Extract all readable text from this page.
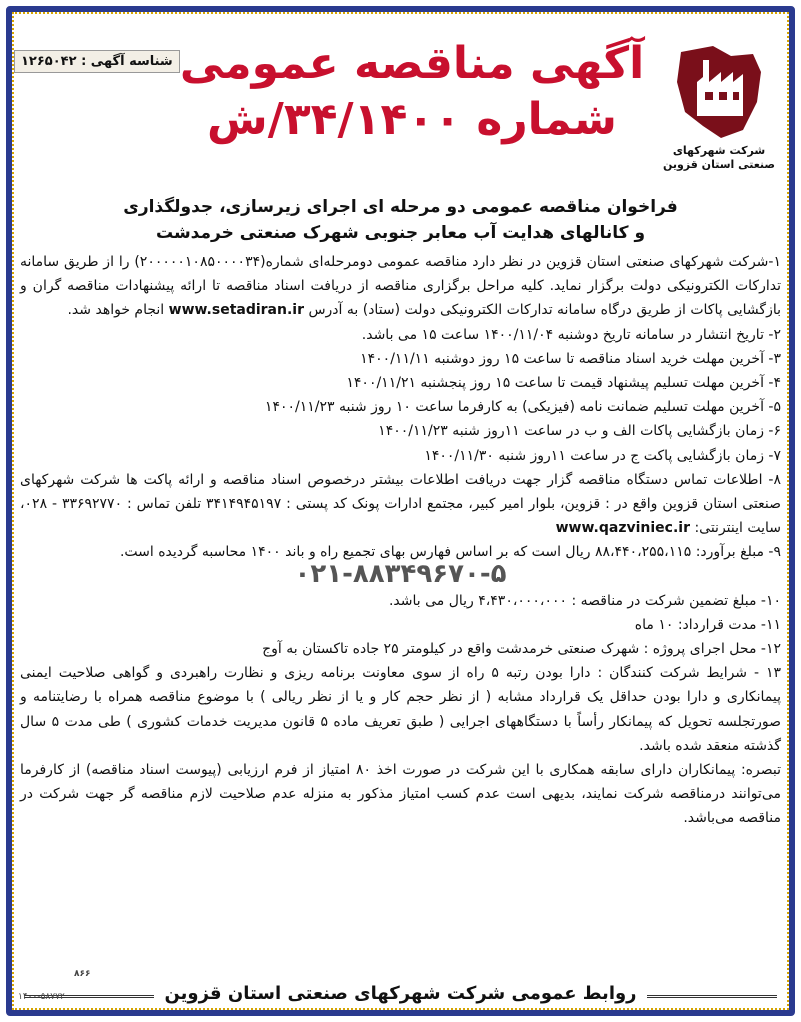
شرکت شهرکهای صنعتی استان قزوین
آگهی مناقصه عمومی
شماره ۳۴/۱۴۰۰/ش
شناسه آگهی : ۱۲۶۵۰۴۲
فراخوان مناقصه عمومی دو مرحله ای اجرای زیرسازی، جدولگذاری
و کانالهای هدایت آب معابر جنوبی شهرک صنعتی خرمدشت

۱-شرکت شهرکهای صنعتی استان قزوین در نظر دارد مناقصه عمومی دومرحله‌ای شماره(۲۰۰۰۰۰۱۰۸۵۰۰۰۰۳۴) را از طریق سامانه تدارکات الکترونیکی دولت برگزار نماید. کلیه مراحل برگزاری مناقصه از دریافت اسناد مناقصه تا ارائه پیشنهادات مناقصه گران و بازگشایی پاکات از طریق درگاه سامانه تدارکات الکترونیکی دولت (ستاد) به آدرس www.setadiran.ir انجام خواهد شد.

۲- تاریخ انتشار در سامانه تاریخ دوشنبه ۱۴۰۰/۱۱/۰۴ ساعت ۱۵ می باشد.

۳- آخرین مهلت خرید اسناد مناقصه تا ساعت ۱۵ روز دوشنبه ۱۴۰۰/۱۱/۱۱

۴- آخرین مهلت تسلیم پیشنهاد قیمت تا ساعت ۱۵ روز پنجشنبه ۱۴۰۰/۱۱/۲۱

۵- آخرین مهلت تسلیم ضمانت نامه (فیزیکی) به کارفرما ساعت ۱۰ روز شنبه ۱۴۰۰/۱۱/۲۳

۶- زمان بازگشایی پاکات الف و ب در ساعت ۱۱روز شنبه ۱۴۰۰/۱۱/۲۳

۷- زمان بازگشایی پاکت ج در ساعت ۱۱روز شنبه ۱۴۰۰/۱۱/۳۰

۸- اطلاعات تماس دستگاه مناقصه گزار جهت دریافت اطلاعات بیشتر درخصوص اسناد مناقصه و ارائه پاکت ها شرکت شهرکهای صنعتی استان قزوین واقع در : قزوین، بلوار امیر کبیر، مجتمع ادارات پونک کد پستی : ۳۴۱۴۹۴۵۱۹۷ تلفن تماس : ۳۳۶۹۲۷۷۰ - ۰۲۸، سایت اینترنتی: www.qazviniec.ir

۹- مبلغ برآورد: ۸۸،۴۴۰،۲۵۵،۱۱۵ ریال است که بر اساس فهارس بهای تجمیع راه و باند ۱۴۰۰ محاسبه گردیده است.

۰۲۱-۸۸۳۴۹۶۷۰-۵

۱۰- مبلغ تضمین شرکت در مناقصه : ۴،۴۳۰،۰۰۰،۰۰۰ ریال می باشد.

۱۱- مدت قرارداد: ۱۰ ماه

۱۲- محل اجرای پروژه : شهرک صنعتی خرمدشت واقع در کیلومتر ۲۵ جاده تاکستان به آوج

۱۳ - شرایط شرکت کنندگان : دارا بودن رتبه ۵ راه از سوی معاونت برنامه ریزی و نظارت راهبردی و گواهی صلاحیت ایمنی پیمانکاری و دارا بودن حداقل یک قرارداد مشابه ( از نظر حجم کار و یا از نظر ریالی ) با موضوع مناقصه همراه با رضایتنامه و صورتجلسه تحویل که پیمانکار رأساً با دستگاههای اجرایی ( طبق تعریف ماده ۵ قانون مدیریت خدمات کشوری ) طی مدت ۵ سال گذشته منعقد شده باشد.

تبصره: پیمانکاران دارای سابقه همکاری با این شرکت در صورت اخذ ۸۰ امتیاز از فرم ارزیابی (پیوست اسناد مناقصه) از کارفرما می‌توانند درمناقصه شرکت نمایند، بدیهی است عدم کسب امتیاز مذکور به منزله عدم صلاحیت لازم مناقصه گر جهت شرکت در مناقصه می‌باشد.

روابط عمومی شرکت شهرکهای صنعتی استان قزوین
۸۶۶
۱۴۰۰-۵۸۷۷۲
